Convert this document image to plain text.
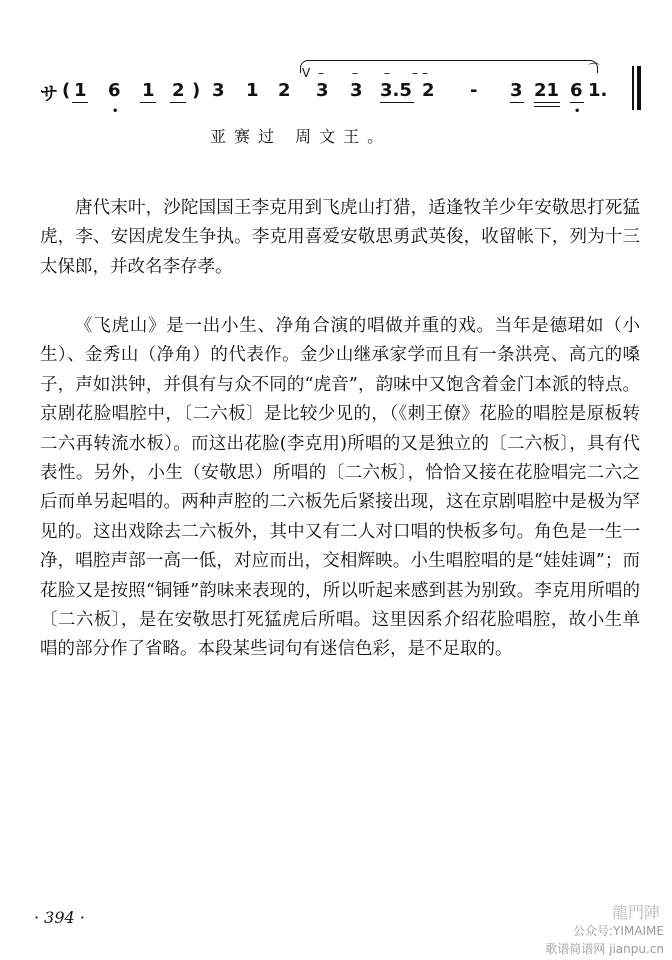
サ ( 1 6 1 2 ) 3 1 2
V – – – – –
3 3 3.5 2 - 3 21 6 1.
⌒
•	•
亚赛过 周文王。

唐代末叶，沙陀国国王李克用到飞虎山打猎，适逢牧羊少年安敬思打死猛虎，李、安因虎发生争执。李克用喜爱安敬思勇武英俊，收留帐下，列为十三太保郎，并改名李存孝。

《飞虎山》是一出小生、净角合演的唱做并重的戏。当年是德珺如（小生）、金秀山（净角）的代表作。金少山继承家学而且有一条洪亮、高亢的嗓子，声如洪钟，并俱有与众不同的“虎音”，韵味中又饱含着金门本派的特点。京剧花脸唱腔中，〔二六板〕是比较少见的，（《刺王僚》花脸的唱腔是原板转二六再转流水板）。而这出花脸(李克用)所唱的又是独立的〔二六板〕，具有代表性。另外，小生（安敬思）所唱的〔二六板〕，恰恰又接在花脸唱完二六之后而单另起唱的。两种声腔的二六板先后紧接出现，这在京剧唱腔中是极为罕见的。这出戏除去二六板外，其中又有二人对口唱的快板多句。角色是一生一净，唱腔声部一高一低，对应而出，交相辉映。小生唱腔唱的是“娃娃调”；而花脸又是按照“铜锤”韵味来表现的，所以听起来感到甚为别致。李克用所唱的〔二六板〕，是在安敬思打死猛虎后所唱。这里因系介绍花脸唱腔，故小生单唱的部分作了省略。本段某些词句有迷信色彩，是不足取的。

· 394 ·	龍門陣
公众号:YIMAIME
歌谱简谱网 jianpu.cn
